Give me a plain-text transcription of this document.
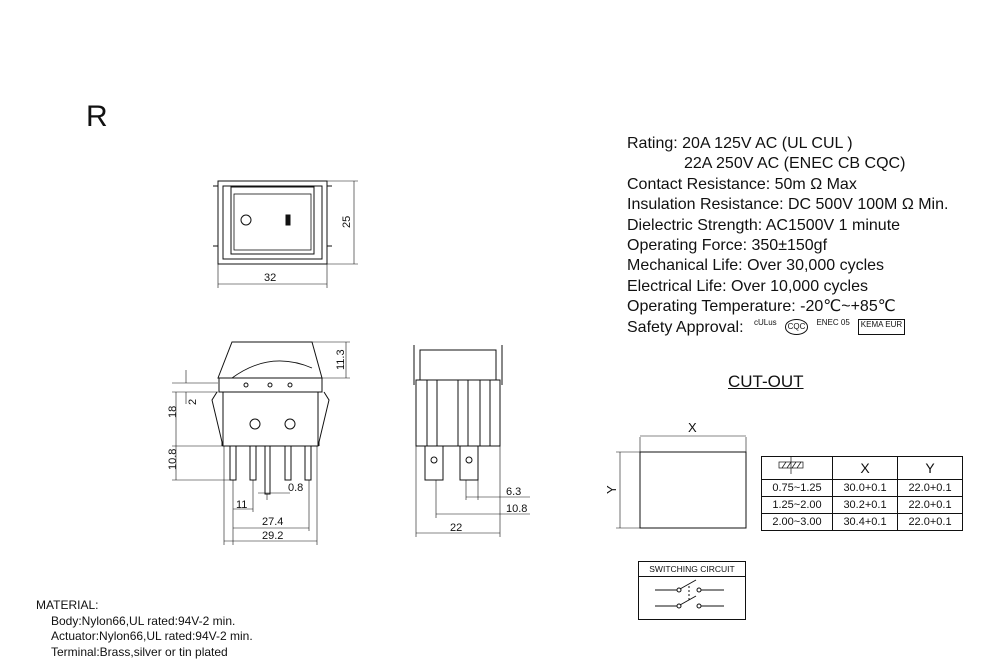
R
Rating: 20A 125V AC (UL CUL )
22A 250V AC (ENEC CB CQC)
Contact Resistance: 50m Ω Max
Insulation Resistance: DC 500V 100M Ω Min.
Dielectric Strength: AC1500V 1 minute
Operating Force: 350±150gf
Mechanical Life: Over 30,000 cycles
Electrical Life: Over 10,000 cycles
Operating Temperature: -20℃~+85℃
Safety Approval: cULus	CQC	ENEC 05	KEMA EUR
32
25
11.3
2
18
10.8
11
0.8
27.4
29.2
6.3
10.8
22
X
Y
CUT-OUT
	X	Y
0.75~1.25	30.0+0.1	22.0+0.1
1.25~2.00	30.2+0.1	22.0+0.1
2.00~3.00	30.4+0.1	22.0+0.1
SWITCHING CIRCUIT
MATERIAL:
Body:Nylon66,UL rated:94V-2 min.
Actuator:Nylon66,UL rated:94V-2 min.
Terminal:Brass,silver or tin plated
